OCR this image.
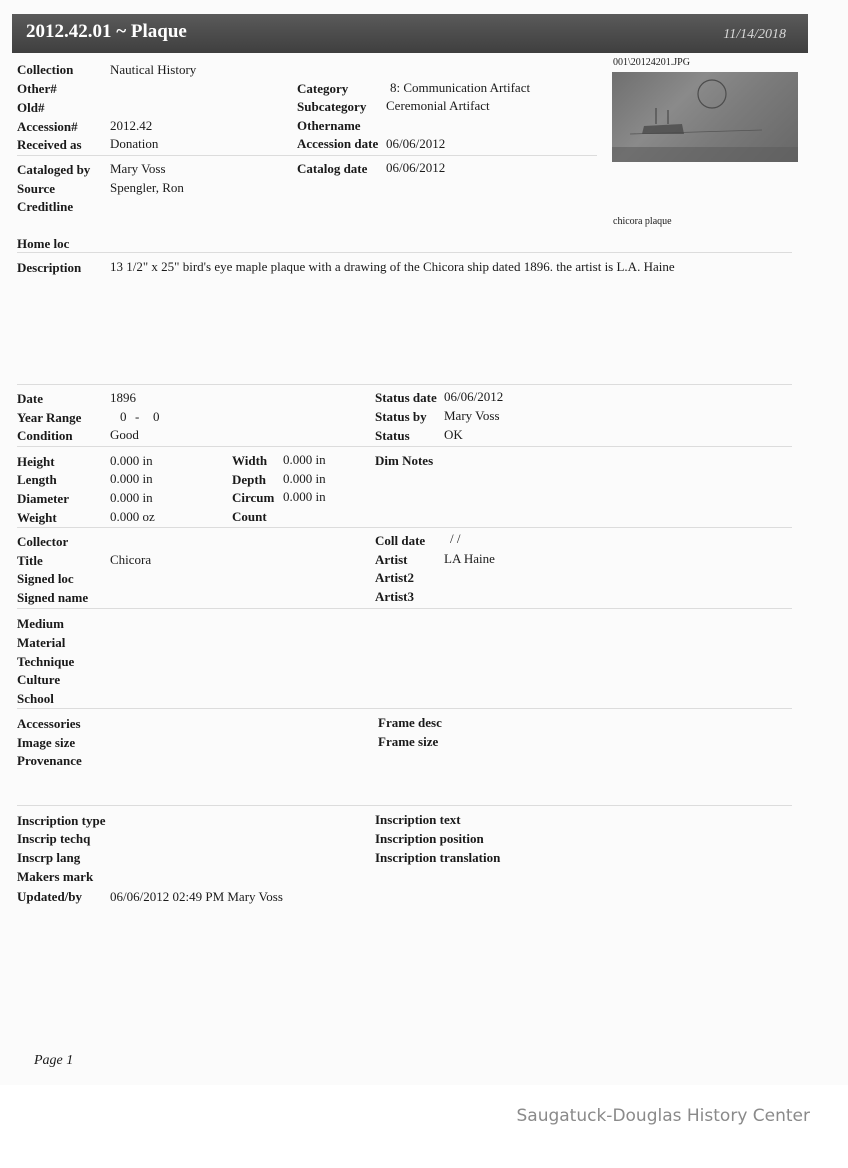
2012.42.01 ~ Plaque	11/14/2018
001\20124201.JPG
chicora plaque
Collection	Nautical History
Other#
Old#
Accession# 2012.42
Received as Donation
Category	8: Communication Artifact
Subcategory Ceremonial Artifact
Othername
Accession date 06/06/2012
Cataloged by Mary Voss
Source	Spengler, Ron
Creditline
Catalog date 06/06/2012
Home loc
Description 13 1/2" x 25" bird's eye maple plaque with a drawing of the Chicora ship dated 1896. the artist is L.A. Haine
Date	1896
Year Range	0 - 0
Condition	Good
Status date 06/06/2012
Status by Mary Voss
Status	OK
Height	0.000 in
Length	0.000 in
Diameter	0.000 in
Weight	0.000 oz
Width 0.000 in
Depth 0.000 in
Circum 0.000 in
Count
Dim Notes
Collector
Title	Chicora
Signed loc
Signed name
Coll date / /
Artist	LA Haine
Artist2
Artist3
Medium
Material
Technique
Culture
School
Accessories
Image size
Provenance
Frame desc
Frame size
Inscription type
Inscrip techq
Inscrp lang
Makers mark
Inscription text
Inscription position
Inscription translation
Updated/by 06/06/2012 02:49 PM Mary Voss
Page 1
Saugatuck-Douglas History Center
